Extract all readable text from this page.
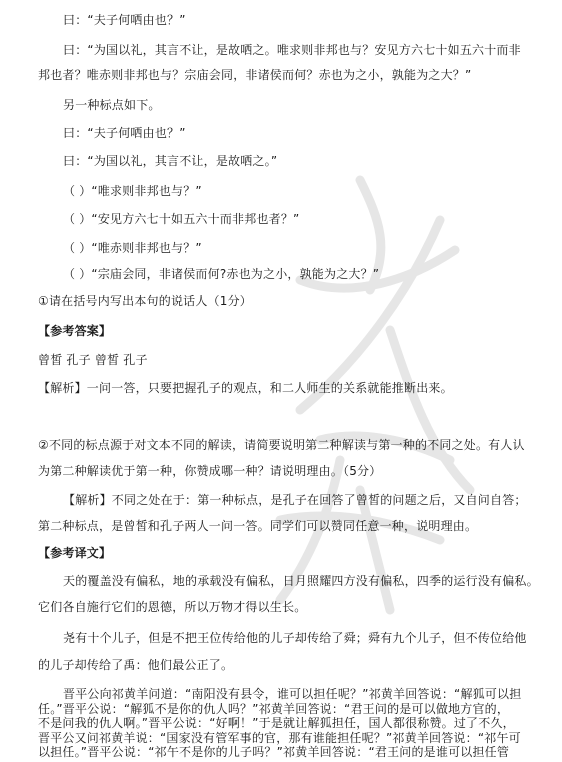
曰：“夫子何哂由也？”
曰：“为国以礼，其言不让，是故哂之。唯求则非邦也与？安见方六七十如五六十而非
邦也者？唯赤则非邦也与？宗庙会同，非诸侯而何？赤也为之小，孰能为之大？”
另一种标点如下。
曰：“夫子何哂由也？”
曰：“为国以礼，其言不让，是故哂之。”
（ ）“唯求则非邦也与？”
（ ）“安见方六七十如五六十而非邦也者？”
（ ）“唯赤则非邦也与？”
（ ）“宗庙会同，非诸侯而何?赤也为之小，孰能为之大？”
①请在括号内写出本句的说话人（1分）
【参考答案】
曾皙 孔子 曾皙 孔子
【解析】一问一答，只要把握孔子的观点，和二人师生的关系就能推断出来。
②不同的标点源于对文本不同的解读，请简要说明第二种解读与第一种的不同之处。有人认
为第二种解读优于第一种，你赞成哪一种？请说明理由。（5分）
【解析】不同之处在于：第一种标点，是孔子在回答了曾皙的问题之后，又自问自答；
第二种标点，是曾皙和孔子两人一问一答。同学们可以赞同任意一种，说明理由。
【参考译文】
天的覆盖没有偏私，地的承载没有偏私，日月照耀四方没有偏私，四季的运行没有偏私。
它们各自施行它们的恩德，所以万物才得以生长。
尧有十个儿子，但是不把王位传给他的儿子却传给了舜；舜有九个儿子，但不传位给他
的儿子却传给了禹：他们最公正了。
晋平公向祁黄羊问道：“南阳没有县令，谁可以担任呢？”祁黄羊回答说：“解狐可以担
任。”晋平公说：“解狐不是你的仇人吗？”祁黄羊回答说：“君王问的是可以做地方官的，
不是问我的仇人啊。”晋平公说：“好啊！”于是就让解狐担任，国人都很称赞。过了不久，
晋平公又问祁黄羊说：“国家没有管军事的官，那有谁能担任呢？”祁黄羊回答说：“祁午可
以担任。”晋平公说：“祁午不是你的儿子吗？”祁黄羊回答说：“君王问的是谁可以担任管
